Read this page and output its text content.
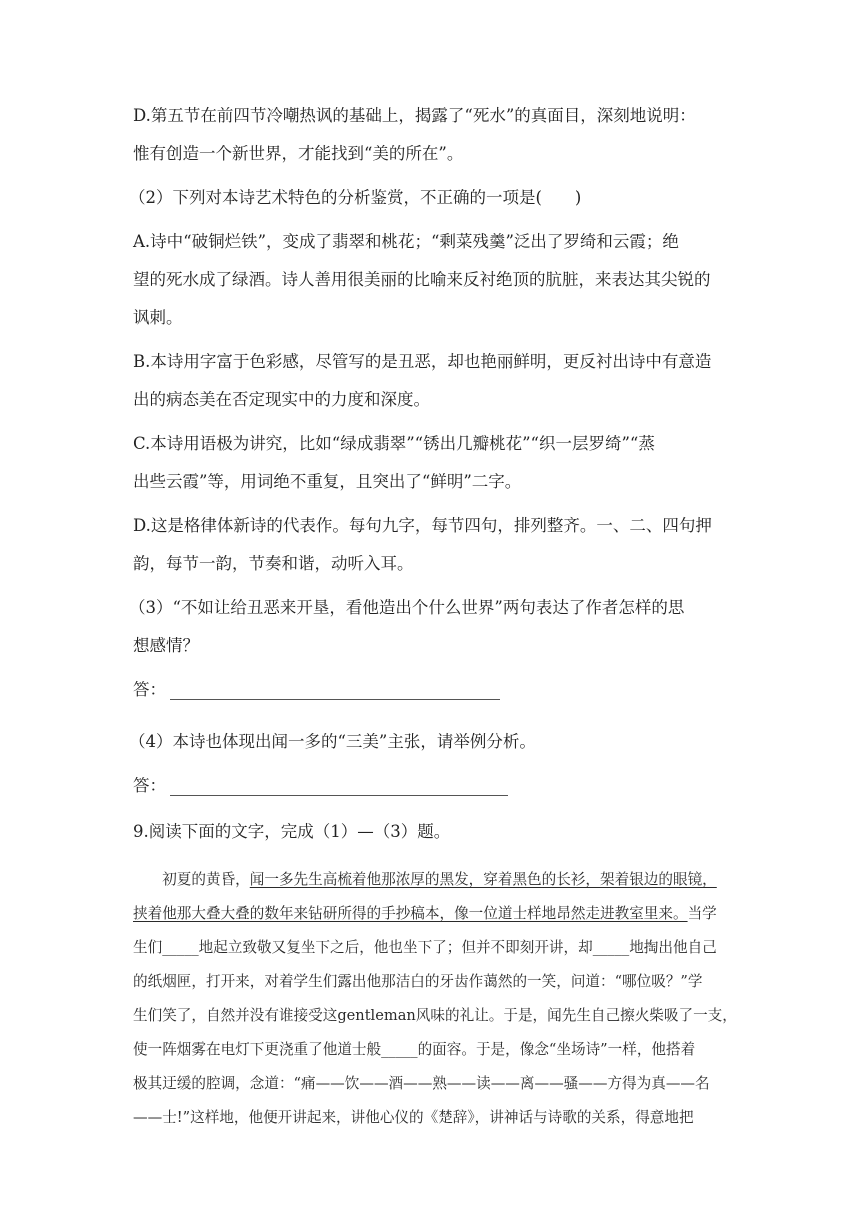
D.第五节在前四节冷嘲热讽的基础上，揭露了“死水”的真面目，深刻地说明：

惟有创造一个新世界，才能找到“美的所在”。

（2）下列对本诗艺术特色的分析鉴赏，不正确的一项是(　　)

A.诗中“破铜烂铁”，变成了翡翠和桃花；“剩菜残羹”泛出了罗绮和云霞；绝

望的死水成了绿酒。诗人善用很美丽的比喻来反衬绝顶的肮脏，来表达其尖锐的

讽刺。

B.本诗用字富于色彩感，尽管写的是丑恶，却也艳丽鲜明，更反衬出诗中有意造

出的病态美在否定现实中的力度和深度。

C.本诗用语极为讲究，比如“绿成翡翠”“锈出几瓣桃花”“织一层罗绮”“蒸

出些云霞”等，用词绝不重复，且突出了“鲜明”二字。

D.这是格律体新诗的代表作。每句九字，每节四句，排列整齐。一、二、四句押

韵，每节一韵，节奏和谐，动听入耳。

（3）“不如让给丑恶来开垦，看他造出个什么世界”两句表达了作者怎样的思

想感情？

答：

（4）本诗也体现出闻一多的“三美”主张，请举例分析。

答：

9.阅读下面的文字，完成（1）—（3）题。

　　初夏的黄昏，闻一多先生高梳着他那浓厚的黑发，穿着黑色的长衫，架着银边的眼镜，

挟着他那大叠大叠的数年来钻研所得的手抄稿本，像一位道士样地昂然走进教室里来。当学

生们_____地起立致敬又复坐下之后，他也坐下了；但并不即刻开讲，却_____地掏出他自己

的纸烟匣，打开来，对着学生们露出他那洁白的牙齿作蔼然的一笑，问道：“哪位吸？”学

生们笑了，自然并没有谁接受这gentleman风味的礼让。于是，闻先生自己擦火柴吸了一支，

使一阵烟雾在电灯下更浇重了他道士般_____的面容。于是，像念“坐场诗”一样，他搭着

极其迂缓的腔调，念道：“痛——饮——酒——熟——读——离——骚——方得为真——名

——士!”这样地，他便开讲起来，讲他心仪的《楚辞》，讲神话与诗歌的关系，得意地把
